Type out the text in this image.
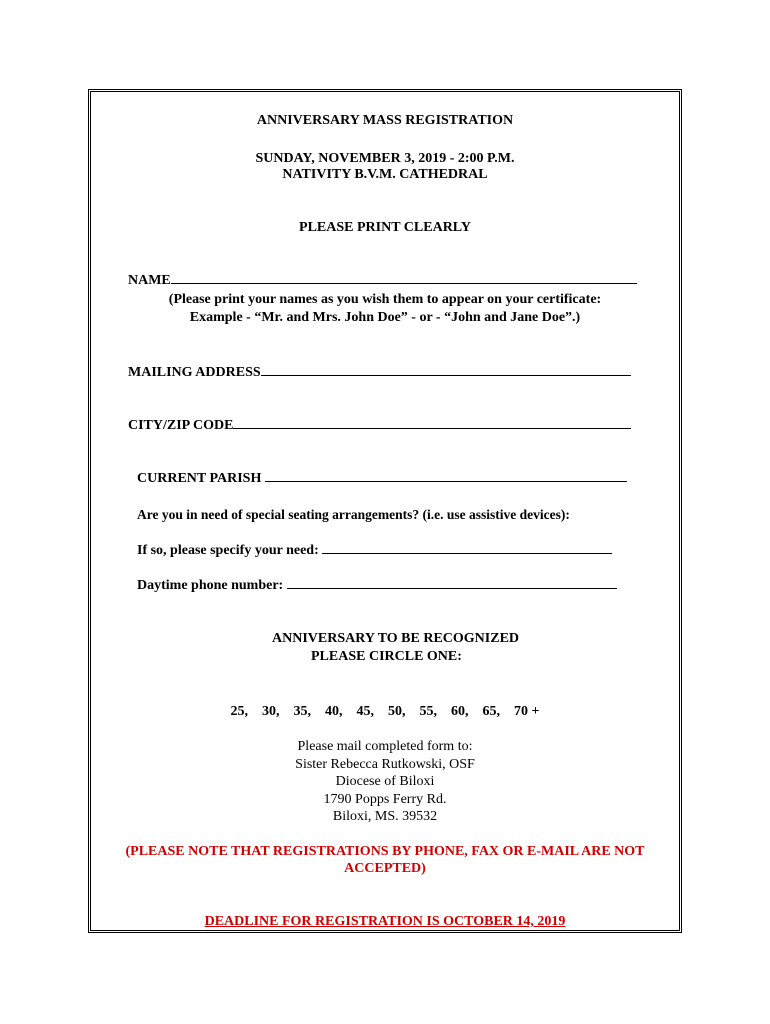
ANNIVERSARY MASS REGISTRATION
SUNDAY, NOVEMBER 3, 2019 - 2:00 P.M.
NATIVITY B.V.M. CATHEDRAL
PLEASE PRINT CLEARLY
NAME
(Please print your names as you wish them to appear on your certificate:
Example - “Mr. and Mrs. John Doe” - or - “John and Jane Doe”.)
MAILING ADDRESS
CITY/ZIP CODE
CURRENT PARISH
Are you in need of special seating arrangements? (i.e. use assistive devices):
If so, please specify your need:
Daytime phone number:
ANNIVERSARY TO BE RECOGNIZED
PLEASE CIRCLE ONE:
25,    30,    35,    40,    45,    50,    55,    60,    65,    70 +
Please mail completed form to:
Sister Rebecca Rutkowski, OSF
Diocese of Biloxi
1790 Popps Ferry Rd.
Biloxi, MS. 39532
(PLEASE NOTE THAT REGISTRATIONS BY PHONE, FAX OR E-MAIL ARE NOT
ACCEPTED)
DEADLINE FOR REGISTRATION IS OCTOBER 14, 2019
